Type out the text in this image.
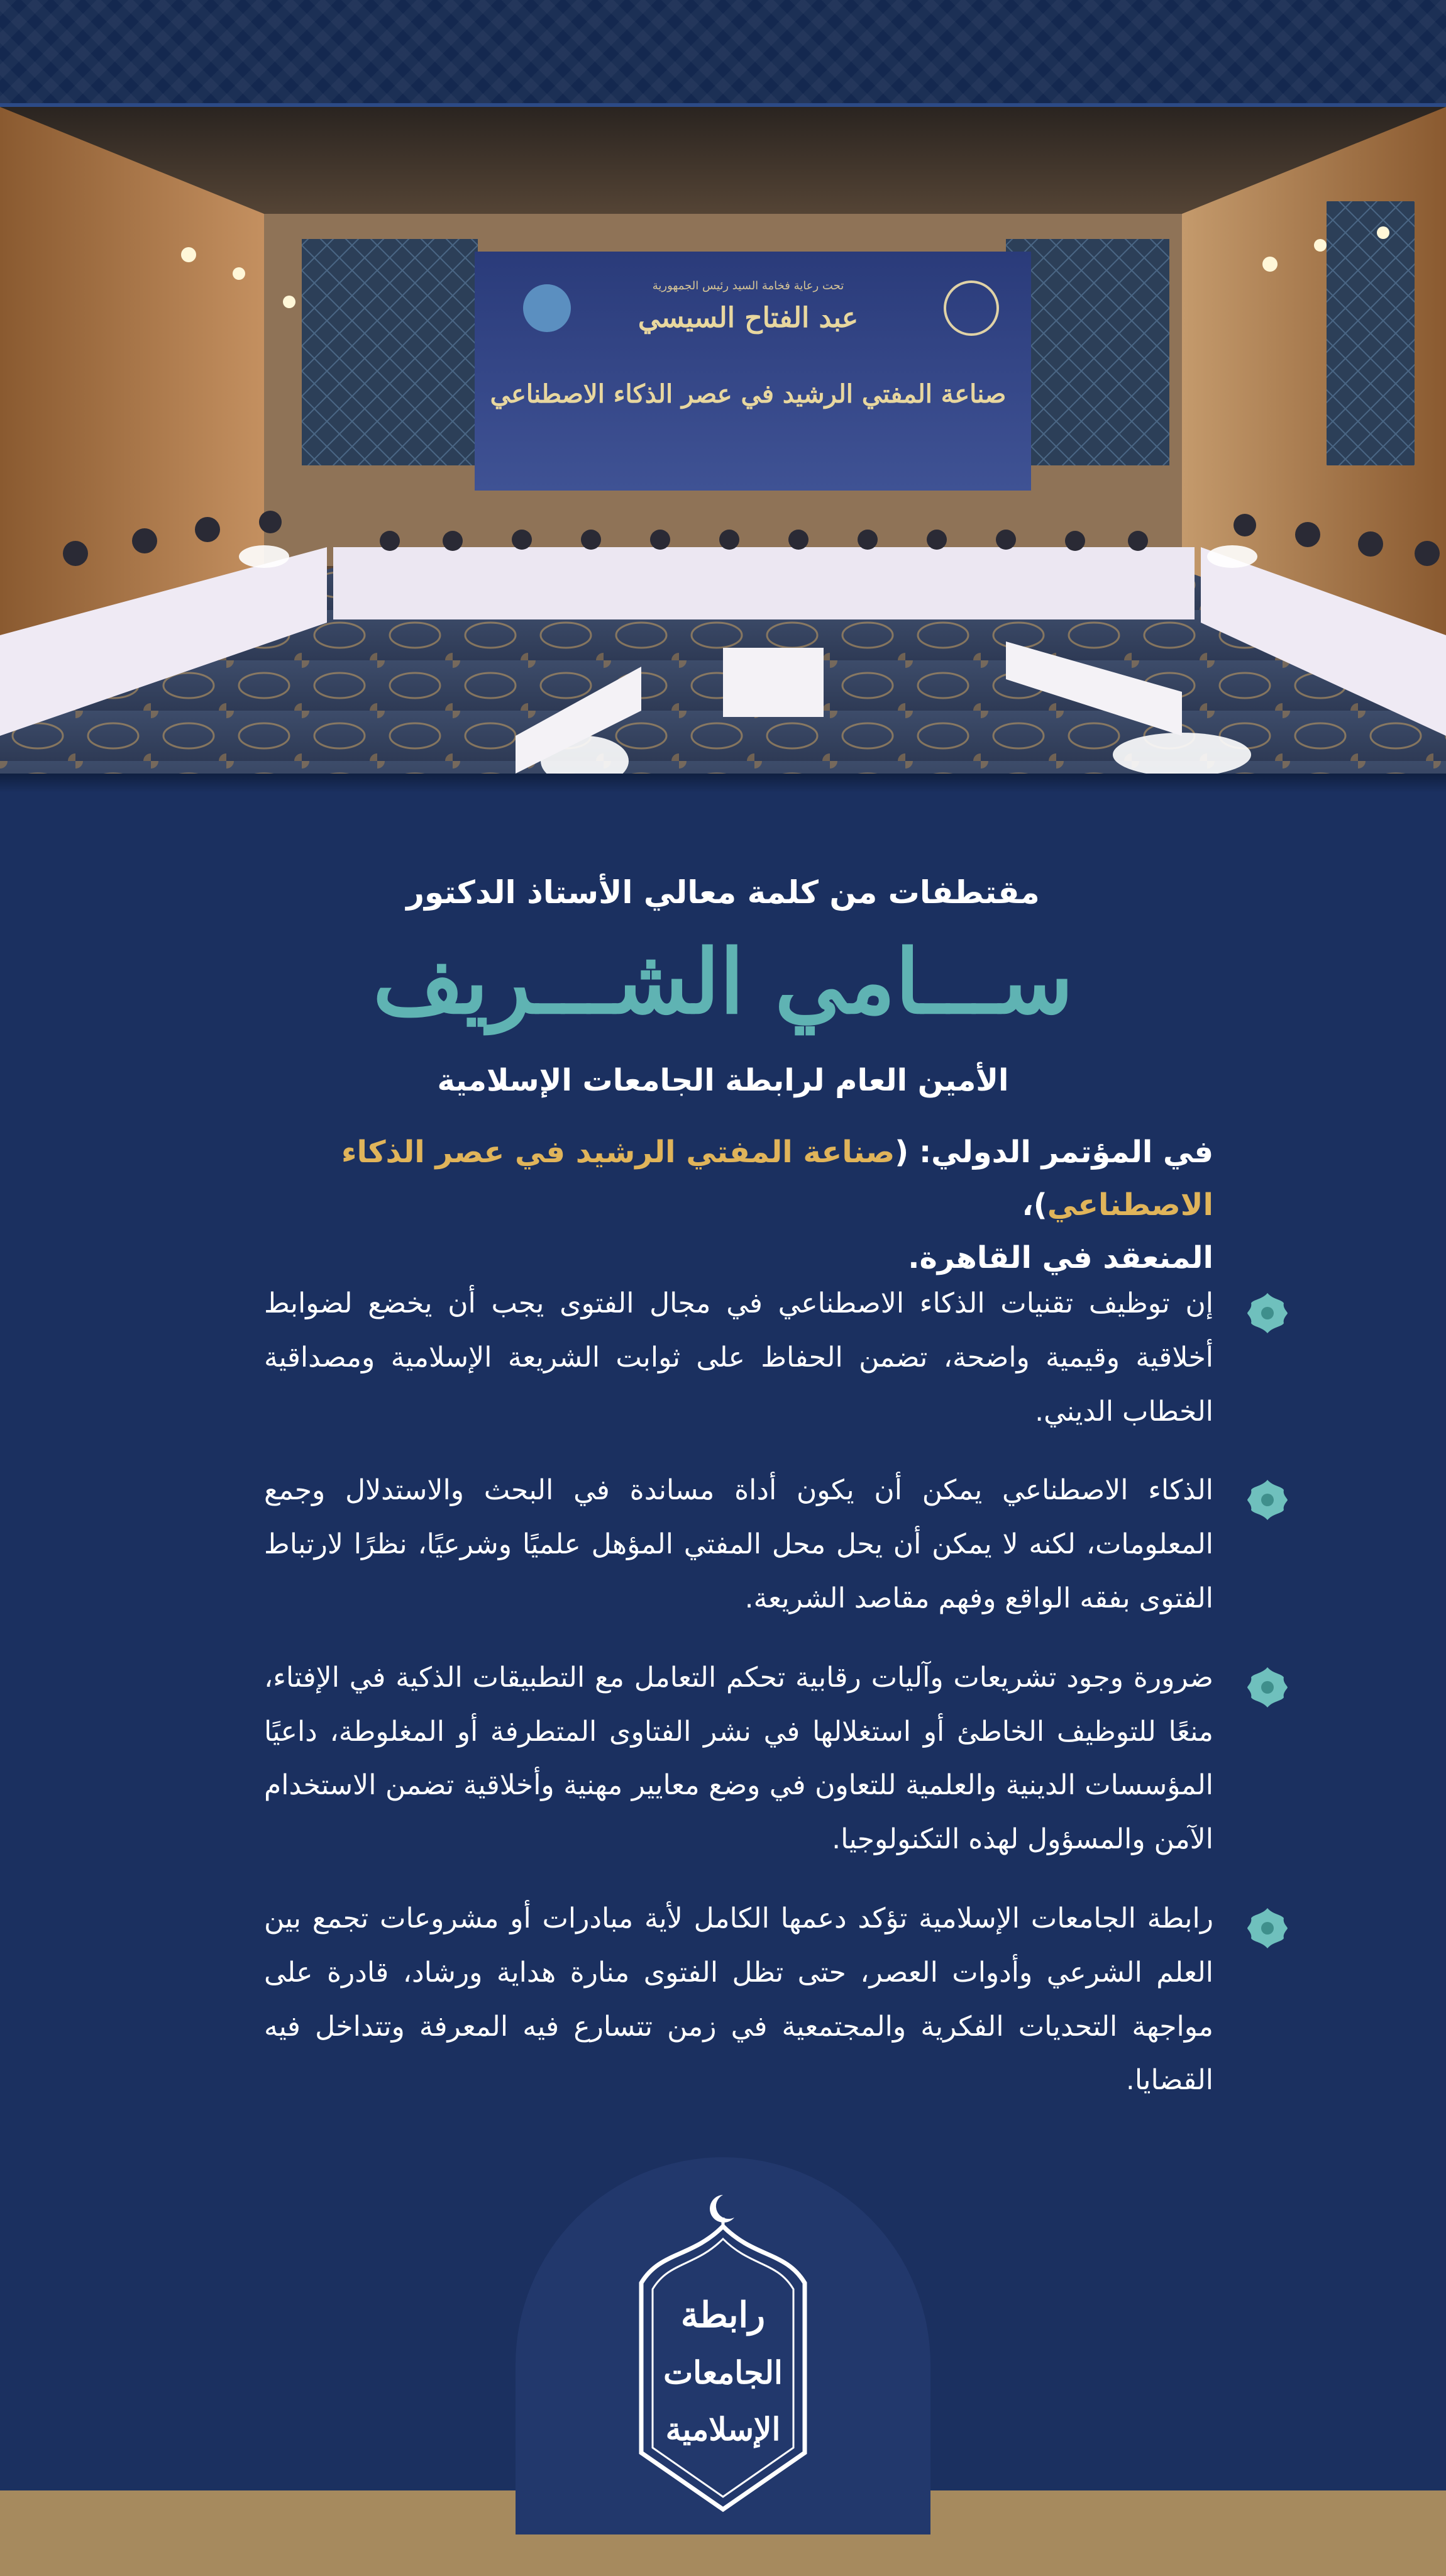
تحت رعاية فخامة السيد رئيس الجمهورية
عبد الفتاح السيسي
صناعة المفتي الرشيد في عصر الذكاء الاصطناعي
مقتطفات من كلمة معالي الأستاذ الدكتور
ســـامي الشـــريف
الأمين العام لرابطة الجامعات الإسلامية
في المؤتمر الدولي: (صناعة المفتي الرشيد في عصر الذكاء الاصطناعي)،
المنعقد في القاهرة.
إن توظيف تقنيات الذكاء الاصطناعي في مجال الفتوى يجب أن يخضع لضوابط أخلاقية وقيمية واضحة، تضمن الحفاظ على ثوابت الشريعة الإسلامية ومصداقية الخطاب الديني.
الذكاء الاصطناعي يمكن أن يكون أداة مساندة في البحث والاستدلال وجمع المعلومات، لكنه لا يمكن أن يحل محل المفتي المؤهل علميًا وشرعيًا، نظرًا لارتباط الفتوى بفقه الواقع وفهم مقاصد الشريعة.
ضرورة وجود تشريعات وآليات رقابية تحكم التعامل مع التطبيقات الذكية في الإفتاء، منعًا للتوظيف الخاطئ أو استغلالها في نشر الفتاوى المتطرفة أو المغلوطة، داعيًا المؤسسات الدينية والعلمية للتعاون في وضع معايير مهنية وأخلاقية تضمن الاستخدام الآمن والمسؤول لهذه التكنولوجيا.
رابطة الجامعات الإسلامية تؤكد دعمها الكامل لأية مبادرات أو مشروعات تجمع بين العلم الشرعي وأدوات العصر، حتى تظل الفتوى منارة هداية ورشاد، قادرة على مواجهة التحديات الفكرية والمجتمعية في زمن تتسارع فيه المعرفة وتتداخل فيه القضايا.
رابطة
الجامعات
الإسلامية
